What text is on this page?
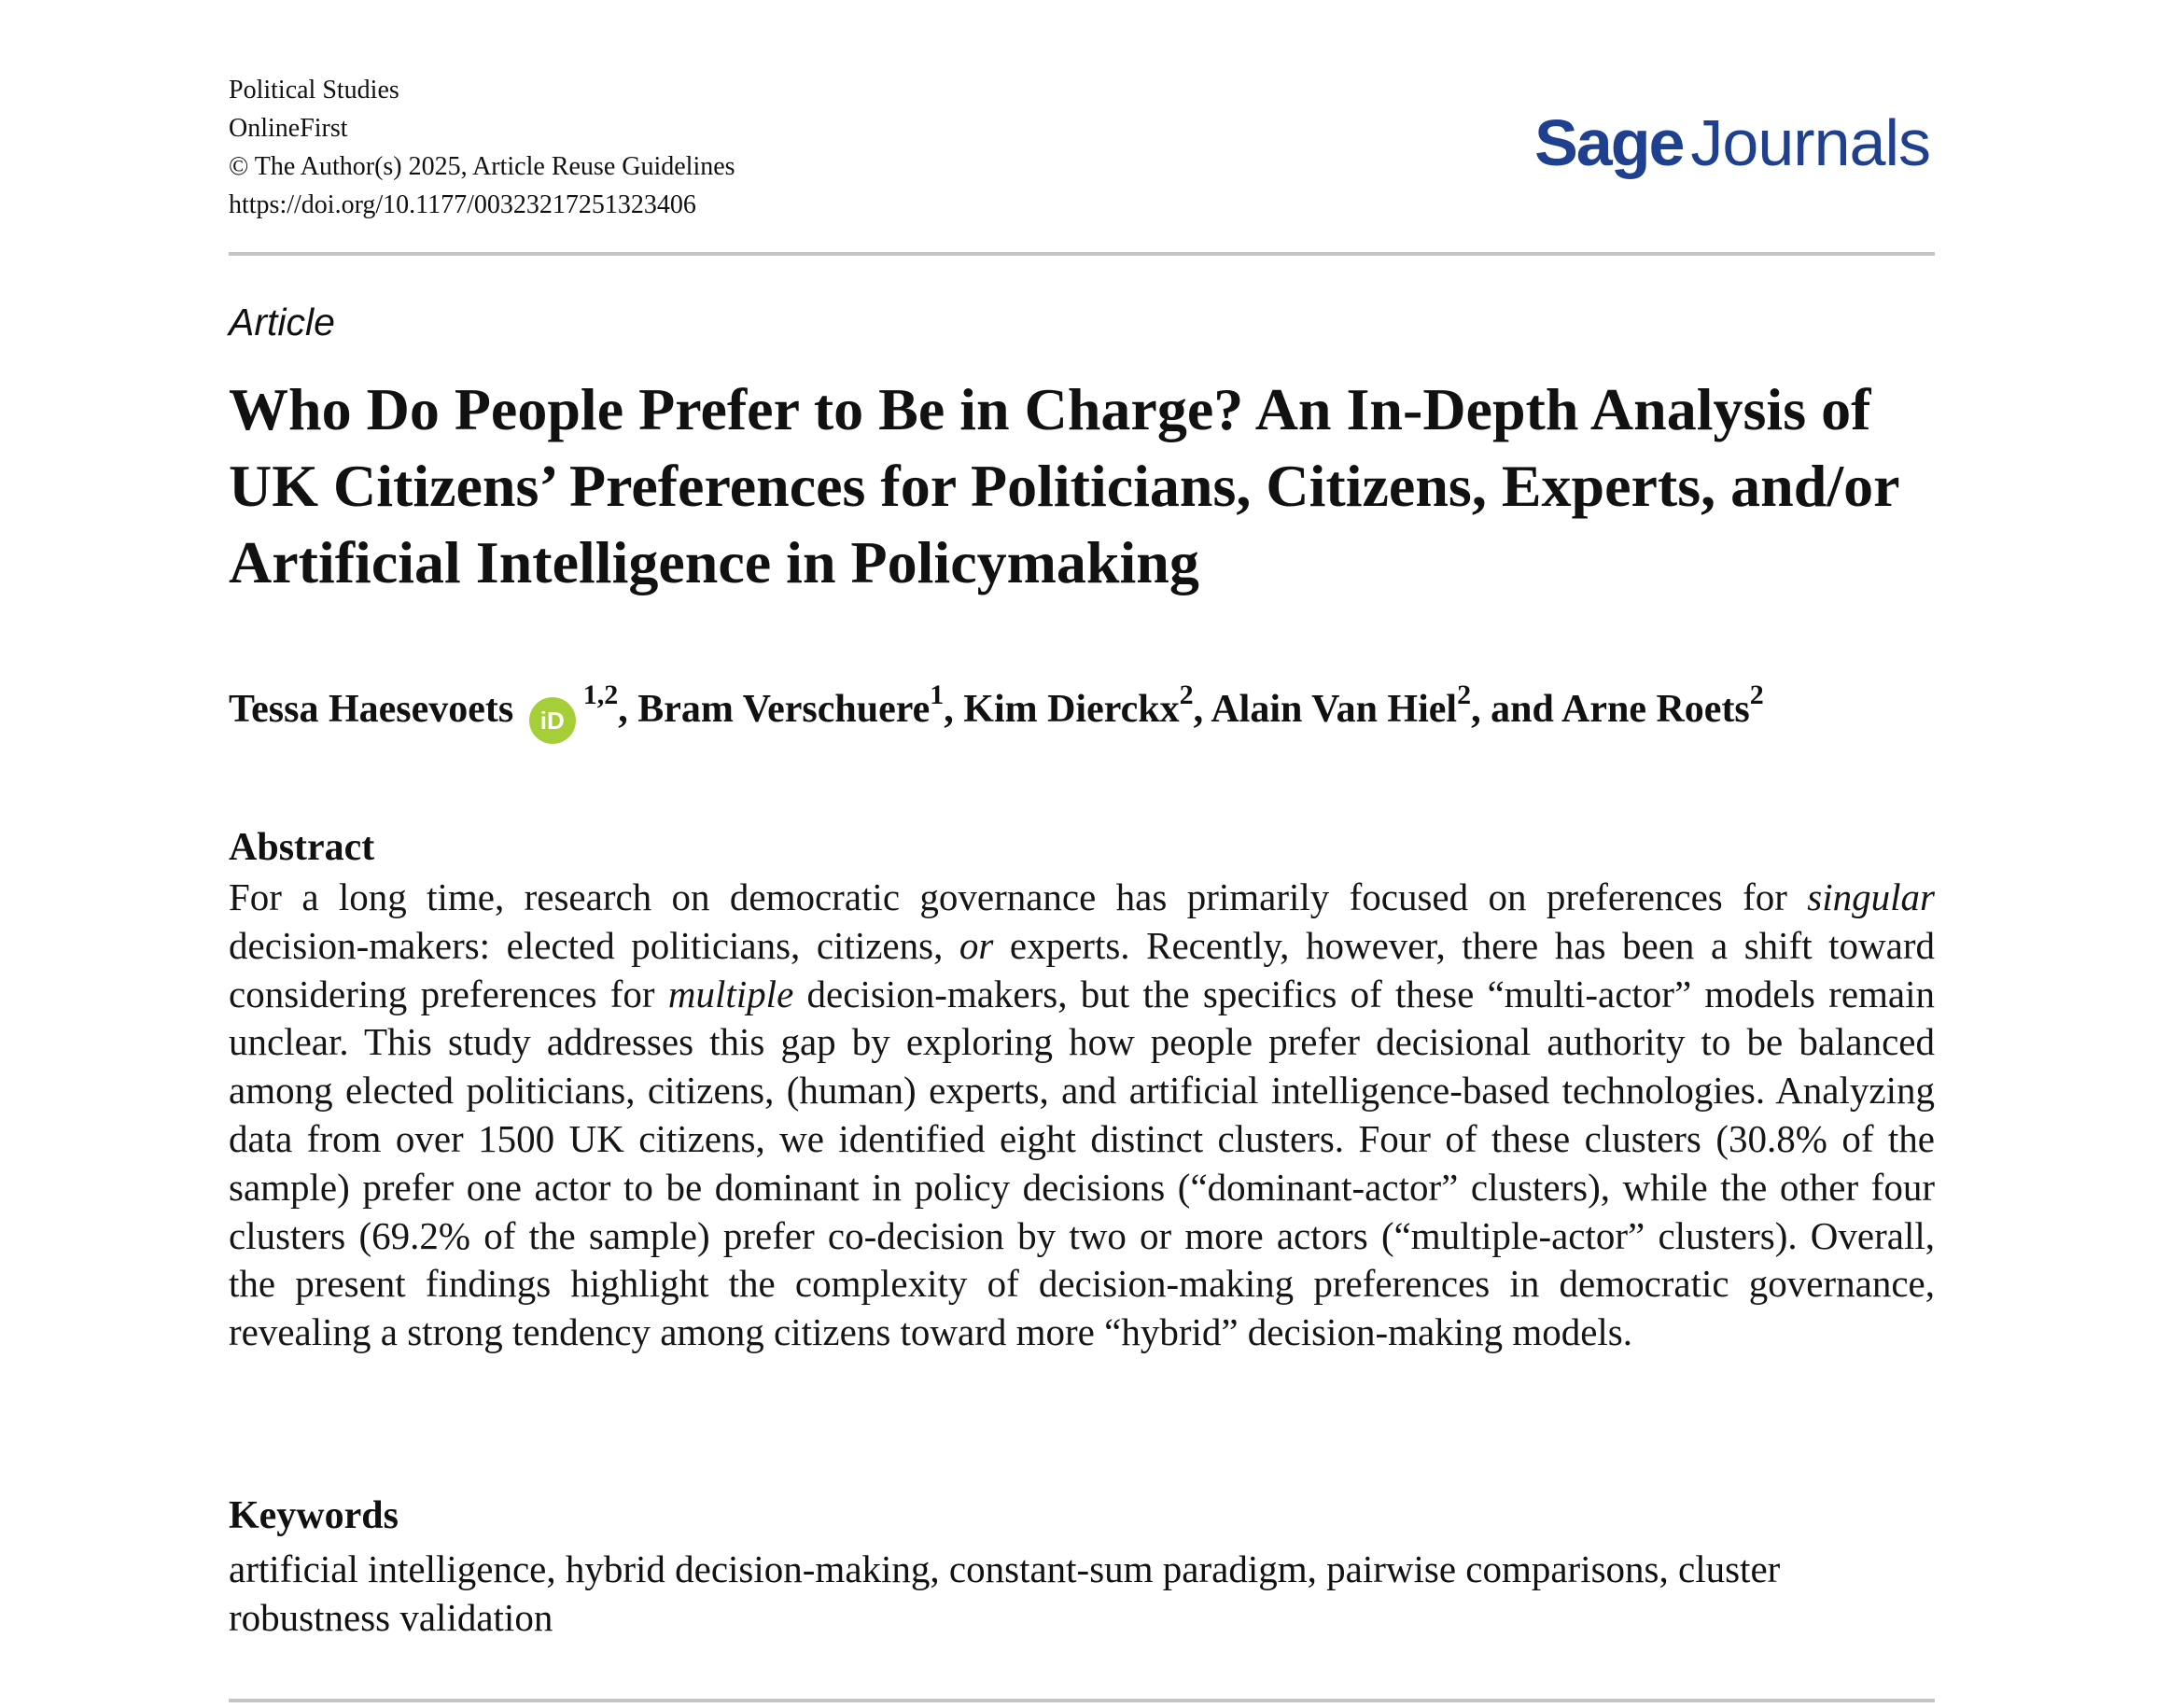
Political Studies
OnlineFirst
© The Author(s) 2025, Article Reuse Guidelines
https://doi.org/10.1177/00323217251323406
Sage Journals
Article
Who Do People Prefer to Be in Charge? An In-Depth Analysis of UK Citizens’ Preferences for Politicians, Citizens, Experts, and/or Artificial Intelligence in Policymaking
Tessa Haesevoets iD$^{1,2}$, Bram Verschuere$^1$, Kim Dierckx$^2$, Alain Van Hiel$^2$, and Arne Roets$^2$
Abstract

For a long time, research on democratic governance has primarily focused on preferences for singular decision-makers: elected politicians, citizens, or experts. Recently, however, there has been a shift toward considering preferences for multiple decision-makers, but the specifics of these “multi-actor” models remain unclear. This study addresses this gap by exploring how people prefer decisional authority to be balanced among elected politicians, citizens, (human) experts, and artificial intelligence-based technologies. Analyzing data from over 1500 UK citizens, we identified eight distinct clusters. Four of these clusters (30.8% of the sample) prefer one actor to be dominant in policy decisions (“dominant-actor” clusters), while the other four clusters (69.2% of the sample) prefer co-decision by two or more actors (“multiple-actor” clusters). Overall, the present findings highlight the complexity of decision-making preferences in democratic governance, revealing a strong tendency among citizens toward more “hybrid” decision-making models.

Keywords

artificial intelligence, hybrid decision-making, constant-sum paradigm, pairwise comparisons, cluster robustness validation
